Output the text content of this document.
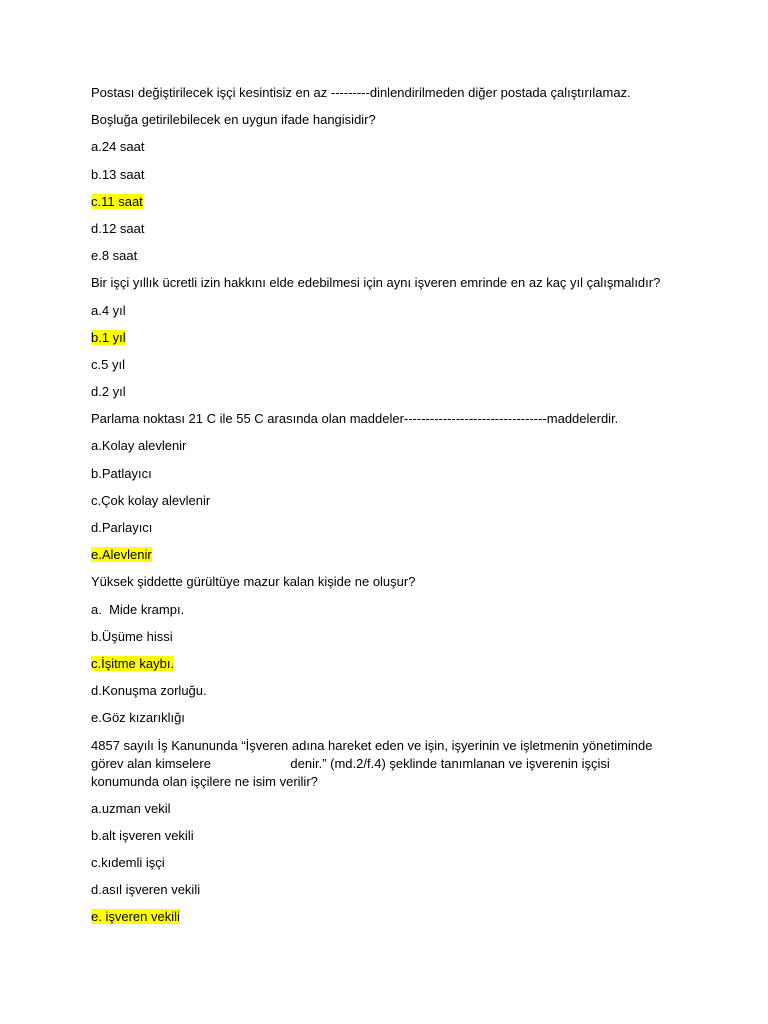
Postası değiştirilecek işçi kesintisiz en az ---------dinlendirilmeden diğer postada çalıştırılamaz.
Boşluğa getirilebilecek en uygun ifade hangisidir?
a.24 saat
b.13 saat
c.11 saat
d.12 saat
e.8 saat
Bir işçi yıllık ücretli izin hakkını elde edebilmesi için aynı işveren emrinde en az kaç yıl çalışmalıdır?
a.4 yıl
b.1 yıl
c.5 yıl
d.2 yıl
Parlama noktası 21 C ile 55 C arasında olan maddeler---------------------------------maddelerdir.
a.Kolay alevlenir
b.Patlayıcı
c.Çok kolay alevlenir
d.Parlayıcı
e.Alevlenir
Yüksek şiddette gürültüye mazur kalan kişide ne oluşur?
a.  Mide krampı.
b.Üşüme hissi
c.İşitme kaybı.
d.Konuşma zorluğu.
e.Göz kızarıklığı
4857 sayılı İş Kanununda “İşveren adına hareket eden ve işin, işyerinin ve işletmenin yönetiminde
görev alan kimselere                      denir.” (md.2/f.4) şeklinde tanımlanan ve işverenin işçisi
konumunda olan işçilere ne isim verilir?
a.uzman vekil
b.alt işveren vekili
c.kıdemli işçi
d.asıl işveren vekili
e. işveren vekili
